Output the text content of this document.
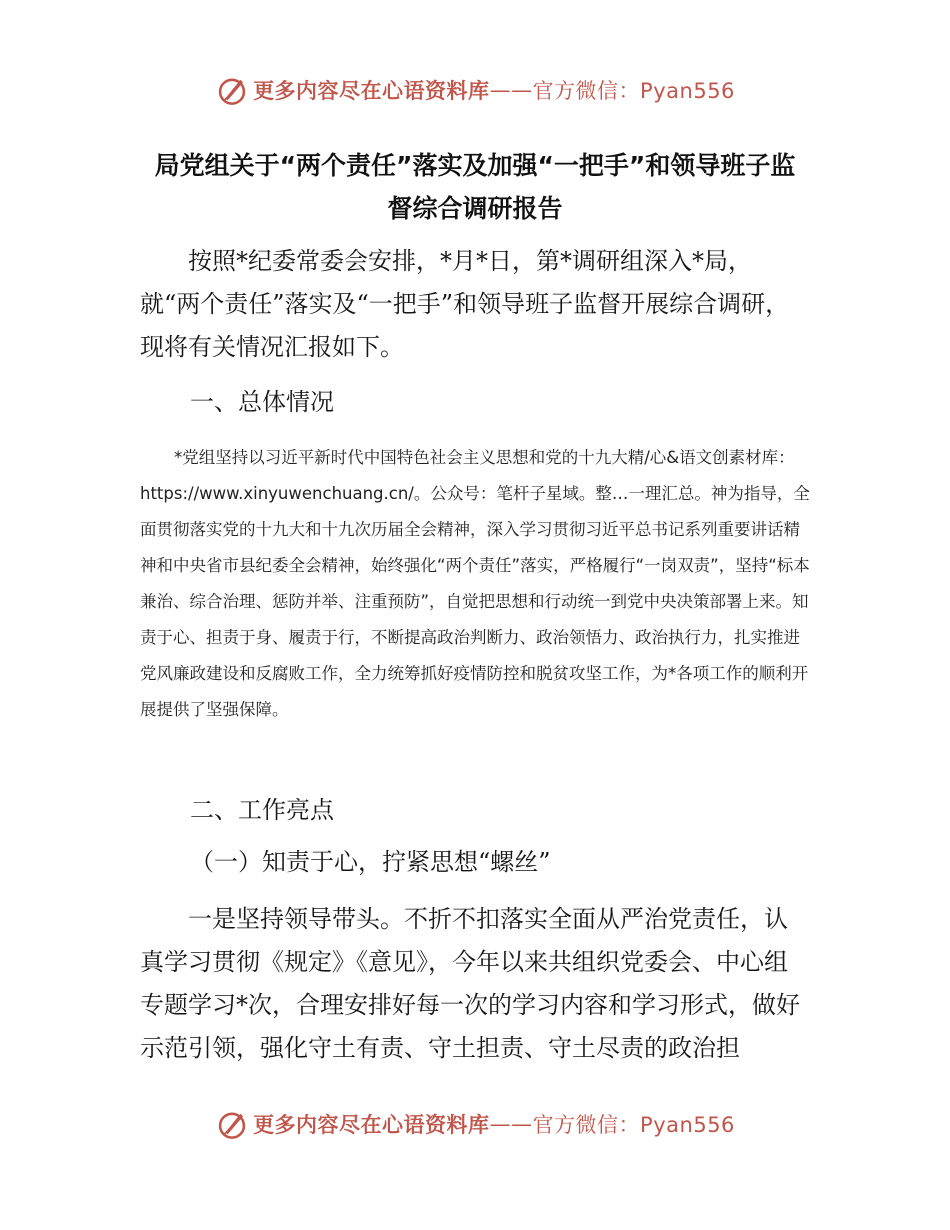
更多内容尽在心语资料库 —— 官方微信：Pyan556
局党组关于“两个责任”落实及加强“一把手”和领导班子监
督综合调研报告
按照*纪委常委会安排，*月*日，第*调研组深入*局，就“两个责任”落实及“一把手”和领导班子监督开展综合调研，现将有关情况汇报如下。
一、总体情况
*党组坚持以习近平新时代中国特色社会主义思想和党的十九大精/心&语文创素材库：https://www.xinyuwenchuang.cn/。公众号：笔杆子星域。整…一理汇总。神为指导，全面贯彻落实党的十九大和十九次历届全会精神，深入学习贯彻习近平总书记系列重要讲话精神和中央省市县纪委全会精神，始终强化“两个责任”落实，严格履行“一岗双责”，坚持“标本兼治、综合治理、惩防并举、注重预防”，自觉把思想和行动统一到党中央决策部署上来。知责于心、担责于身、履责于行，不断提高政治判断力、政治领悟力、政治执行力，扎实推进党风廉政建设和反腐败工作，全力统筹抓好疫情防控和脱贫攻坚工作，为*各项工作的顺利开展提供了坚强保障。
二、工作亮点
（一）知责于心，拧紧思想“螺丝”
一是坚持领导带头。不折不扣落实全面从严治党责任，认真学习贯彻《规定》《意见》，今年以来共组织党委会、中心组专题学习*次，合理安排好每一次的学习内容和学习形式，做好示范引领，强化守土有责、守土担责、守土尽责的政治担
更多内容尽在心语资料库 —— 官方微信：Pyan556
